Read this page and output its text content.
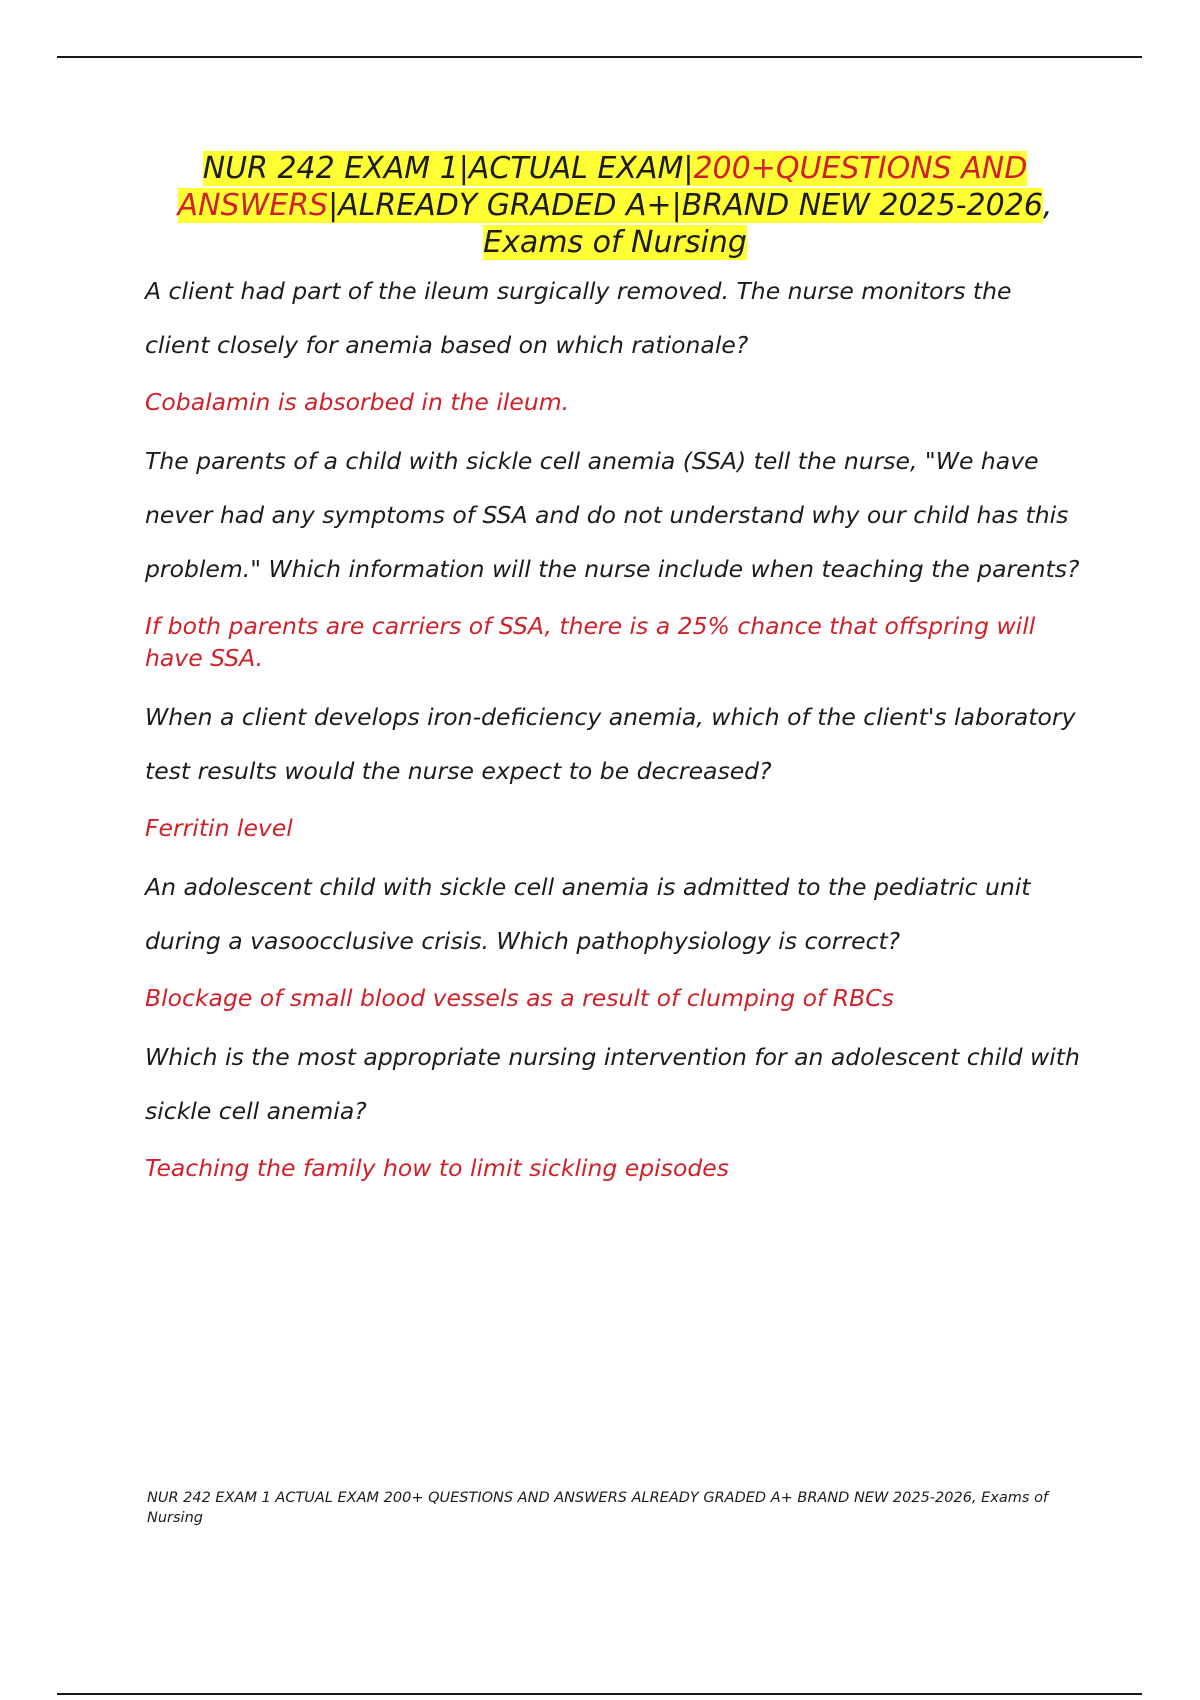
NUR 242 EXAM 1|ACTUAL EXAM|200+QUESTIONS AND ANSWERS|ALREADY GRADED A+|BRAND NEW 2025-2026,
Exams of Nursing

A client had part of the ileum surgically removed. The nurse monitors the client closely for anemia based on which rationale?

Cobalamin is absorbed in the ileum.

The parents of a child with sickle cell anemia (SSA) tell the nurse, "We have never had any symptoms of SSA and do not understand why our child has this problem." Which information will the nurse include when teaching the parents?

If both parents are carriers of SSA, there is a 25% chance that offspring will have SSA.

When a client develops iron-deficiency anemia, which of the client's laboratory test results would the nurse expect to be decreased?

Ferritin level

An adolescent child with sickle cell anemia is admitted to the pediatric unit during a vasoocclusive crisis. Which pathophysiology is correct?

Blockage of small blood vessels as a result of clumping of RBCs

Which is the most appropriate nursing intervention for an adolescent child with sickle cell anemia?

Teaching the family how to limit sickling episodes

NUR 242 EXAM 1 ACTUAL EXAM 200+ QUESTIONS AND ANSWERS ALREADY GRADED A+ BRAND NEW 2025-2026, Exams of Nursing
